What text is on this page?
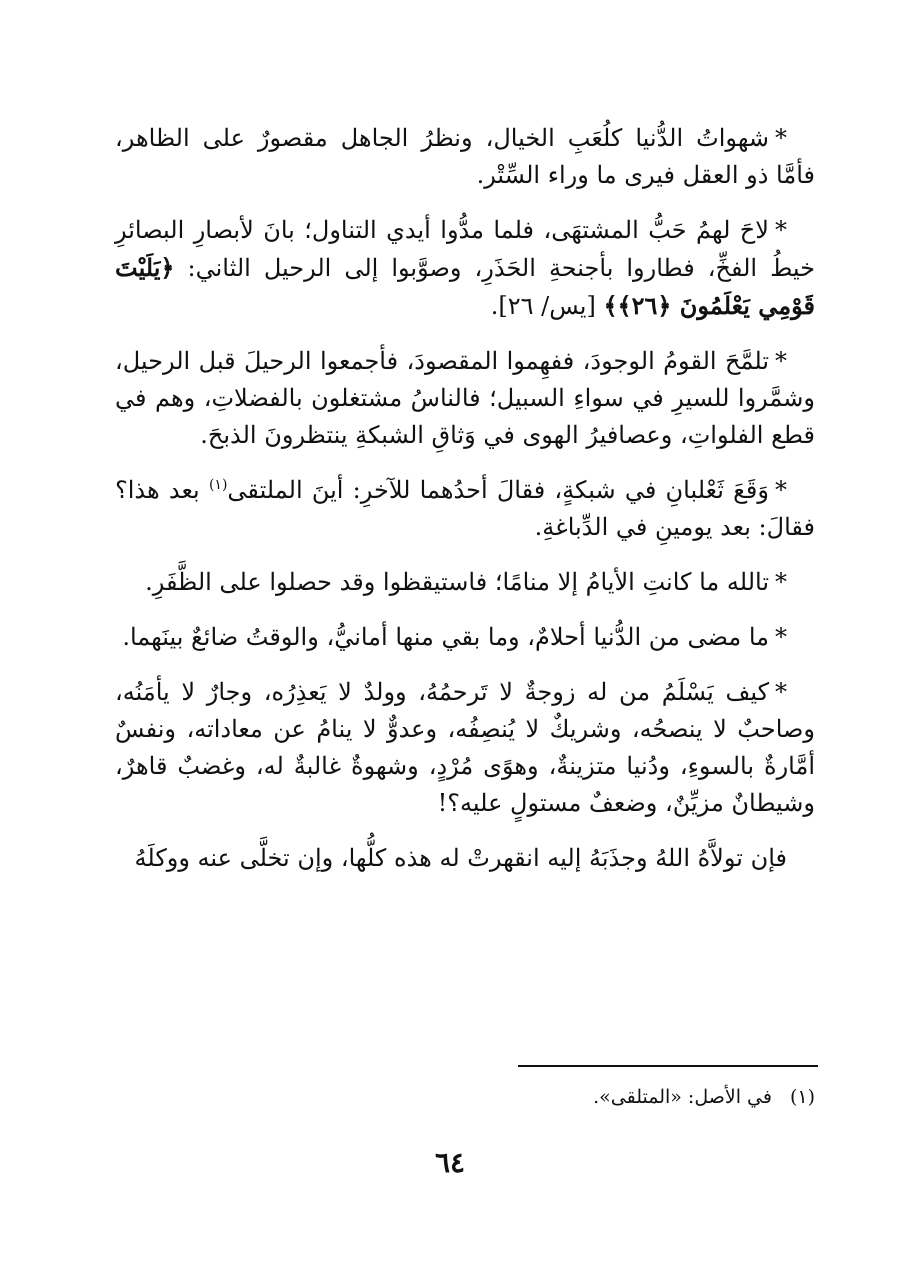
*شهواتُ الدُّنيا كلُعَبِ الخيال، ونظرُ الجاهل مقصورٌ على الظاهر، فأمَّا ذو العقل فيرى ما وراء السِّتْر.

*لاحَ لهمُ حَبُّ المشتهَى، فلما مدُّوا أيدي التناول؛ بانَ لأبصارِ البصائرِ خيطُ الفخِّ، فطاروا بأجنحةِ الحَذَرِ، وصوَّبوا إلى الرحيل الثاني: ﴿يَلَيْتَ قَوْمِي يَعْلَمُونَ ﴿٢٦﴾﴾ [يس/ ٢٦].

*تلمَّحَ القومُ الوجودَ، ففهِموا المقصودَ، فأجمعوا الرحيلَ قبل الرحيل، وشمَّروا للسيرِ في سواءِ السبيل؛ فالناسُ مشتغلون بالفضلاتِ، وهم في قطع الفلواتِ، وعصافيرُ الهوى في وَثاقِ الشبكةِ ينتظرونَ الذبحَ.

*وَقَعَ ثَعْلبانِ في شبكةٍ، فقالَ أحدُهما للآخرِ: أينَ الملتقى$^{(١)}$ بعد هذا؟ فقالَ: بعد يومينِ في الدِّباغةِ.

*تالله ما كانتِ الأيامُ إلا منامًا؛ فاستيقظوا وقد حصلوا على الظَّفَرِ.

*ما مضى من الدُّنيا أحلامٌ، وما بقي منها أمانيُّ، والوقتُ ضائعٌ بينَهما.

*كيف يَسْلَمُ من له زوجةٌ لا تَرحمُهُ، وولدٌ لا يَعذِرُه، وجارٌ لا يأمَنُه، وصاحبٌ لا ينصحُه، وشريكٌ لا يُنصِفُه، وعدوٌّ لا ينامُ عن معاداته، ونفسٌ أمَّارةٌ بالسوءِ، ودُنيا متزينةٌ، وهوًى مُرْدٍ، وشهوةٌ غالبةٌ له، وغضبٌ قاهرٌ، وشيطانٌ مزيِّنٌ، وضعفٌ مستولٍ عليه؟!

فإن تولاَّهُ اللهُ وجذَبَهُ إليه انقهرتْ له هذه كلُّها، وإن تخلَّى عنه ووكلَهُ

(١)في الأصل: «المتلقى».
٦٤
